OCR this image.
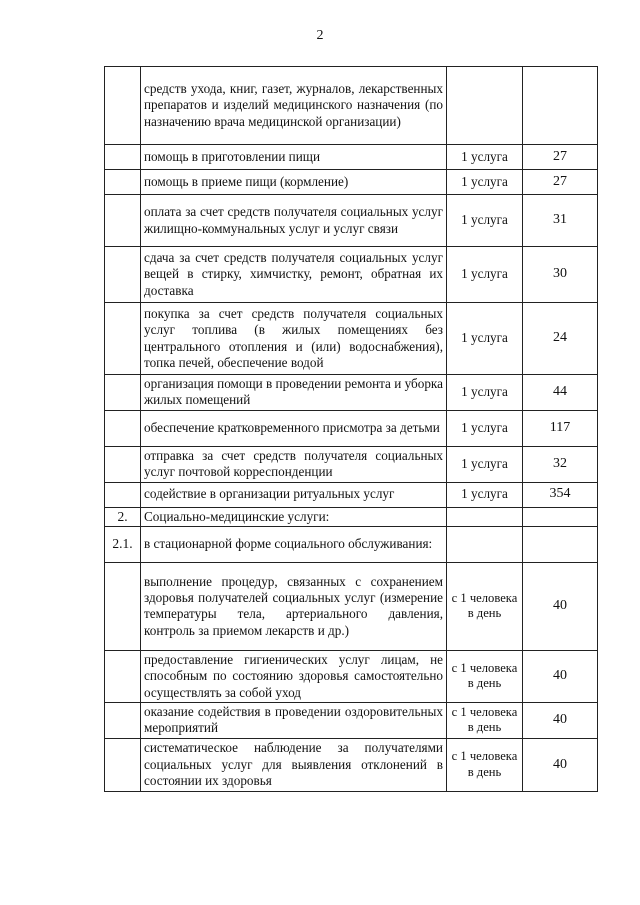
2
	средств ухода, книг, газет, журналов, лекарственных препаратов и изделий медицинского назначения (по назначению врача медицинской организации)		
	помощь в приготовлении пищи	1 услуга	27
	помощь в приеме пищи (кормление)	1 услуга	27
	оплата за счет средств получателя социальных услуг жилищно-коммунальных услуг и услуг связи	1 услуга	31
	сдача за счет средств получателя социальных услуг вещей в стирку, химчистку, ремонт, обратная их доставка	1 услуга	30
	покупка за счет средств получателя социальных услуг топлива (в жилых помещениях без центрального отопления и (или) водоснабжения), топка печей, обеспечение водой	1 услуга	24
	организация помощи в проведении ремонта и уборка жилых помещений	1 услуга	44
	обеспечение кратковременного присмотра за детьми	1 услуга	117
	отправка за счет средств получателя социальных услуг почтовой корреспонденции	1 услуга	32
	содействие в организации ритуальных услуг	1 услуга	354
2.	Социально-медицинские услуги:		
2.1.	в стационарной форме социального обслуживания:		
	выполнение процедур, связанных с сохранением здоровья получателей социальных услуг (измерение температуры тела, артериального давления, контроль за приемом лекарств и др.)	с 1 человека в день	40
	предоставление гигиенических услуг лицам, не способным по состоянию здоровья самостоятельно осуществлять за собой уход	с 1 человека в день	40
	оказание содействия в проведении оздоровительных мероприятий	с 1 человека в день	40
	систематическое наблюдение за получателями социальных услуг для выявления отклонений в состоянии их здоровья	с 1 человека в день	40
